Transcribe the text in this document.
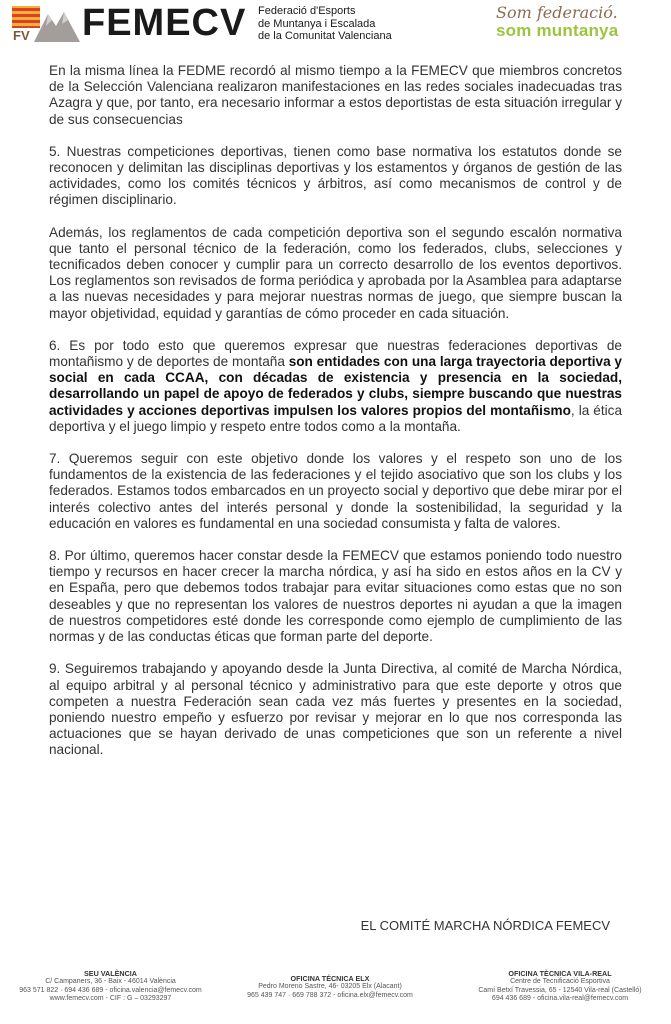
FV FEMECV Federació d'Esports
de Muntanya i Escalada
de la Comunitat Valenciana
Som federació.
som muntanya

En la misma línea la FEDME recordó al mismo tiempo a la FEMECV que miembros concretos de la Selección Valenciana realizaron manifestaciones en las redes sociales inadecuadas tras Azagra y que, por tanto, era necesario informar a estos deportistas de esta situación irregular y de sus consecuencias

5. Nuestras competiciones deportivas, tienen como base normativa los estatutos donde se reconocen y delimitan las disciplinas deportivas y los estamentos y órganos de gestión de las actividades, como los comités técnicos y árbitros, así como mecanismos de control y de régimen disciplinario.

Además, los reglamentos de cada competición deportiva son el segundo escalón normativa que tanto el personal técnico de la federación, como los federados, clubs, selecciones y tecnificados deben conocer y cumplir para un correcto desarrollo de los eventos deportivos. Los reglamentos son revisados de forma periódica y aprobada por la Asamblea para adaptarse a las nuevas necesidades y para mejorar nuestras normas de juego, que siempre buscan la mayor objetividad, equidad y garantías de cómo proceder en cada situación.

6. Es por todo esto que queremos expresar que nuestras federaciones deportivas de montañismo y de deportes de montaña son entidades con una larga trayectoria deportiva y social en cada CCAA, con décadas de existencia y presencia en la sociedad, desarrollando un papel de apoyo de federados y clubs, siempre buscando que nuestras actividades y acciones deportivas impulsen los valores propios del montañismo, la ética deportiva y el juego limpio y respeto entre todos como a la montaña.

7. Queremos seguir con este objetivo donde los valores y el respeto son uno de los fundamentos de la existencia de las federaciones y el tejido asociativo que son los clubs y los federados. Estamos todos embarcados en un proyecto social y deportivo que debe mirar por el interés colectivo antes del interés personal y donde la sostenibilidad, la seguridad y la educación en valores es fundamental en una sociedad consumista y falta de valores.

8. Por último, queremos hacer constar desde la FEMECV que estamos poniendo todo nuestro tiempo y recursos en hacer crecer la marcha nórdica, y así ha sido en estos años en la CV y en España, pero que debemos todos trabajar para evitar situaciones como estas que no son deseables y que no representan los valores de nuestros deportes ni ayudan a que la imagen de nuestros competidores esté donde les corresponde como ejemplo de cumplimiento de las normas y de las conductas éticas que forman parte del deporte.

9. Seguiremos trabajando y apoyando desde la Junta Directiva, al comité de Marcha Nórdica, al equipo arbitral y al personal técnico y administrativo para que este deporte y otros que competen a nuestra Federación sean cada vez más fuertes y presentes en la sociedad, poniendo nuestro empeño y esfuerzo por revisar y mejorar en lo que nos corresponda las actuaciones que se hayan derivado de unas competiciones que son un referente a nivel nacional.

EL COMITÉ MARCHA NÓRDICA FEMECV
SEU VALÈNCIA
C/ Campaners, 36 - Baix - 46014 València
963 571 822 · 694 436 689 - oficina.valencia@femecv.com
www.femecv.com - CIF : G – 03293297
OFICINA TÉCNICA ELX
Pedro Moreno Sastre, 46- 03205 Elx (Alacant)
965 439 747 · 669 788 372 - oficina.elx@femecv.com
OFICINA TÈCNICA VILA-REAL
Centre de Tecnificació Esportiva
Camí Betxí Travessia, 65 - 12540 Vila-real (Castelló)
694 436 689 - oficina.vila-real@femecv.com
